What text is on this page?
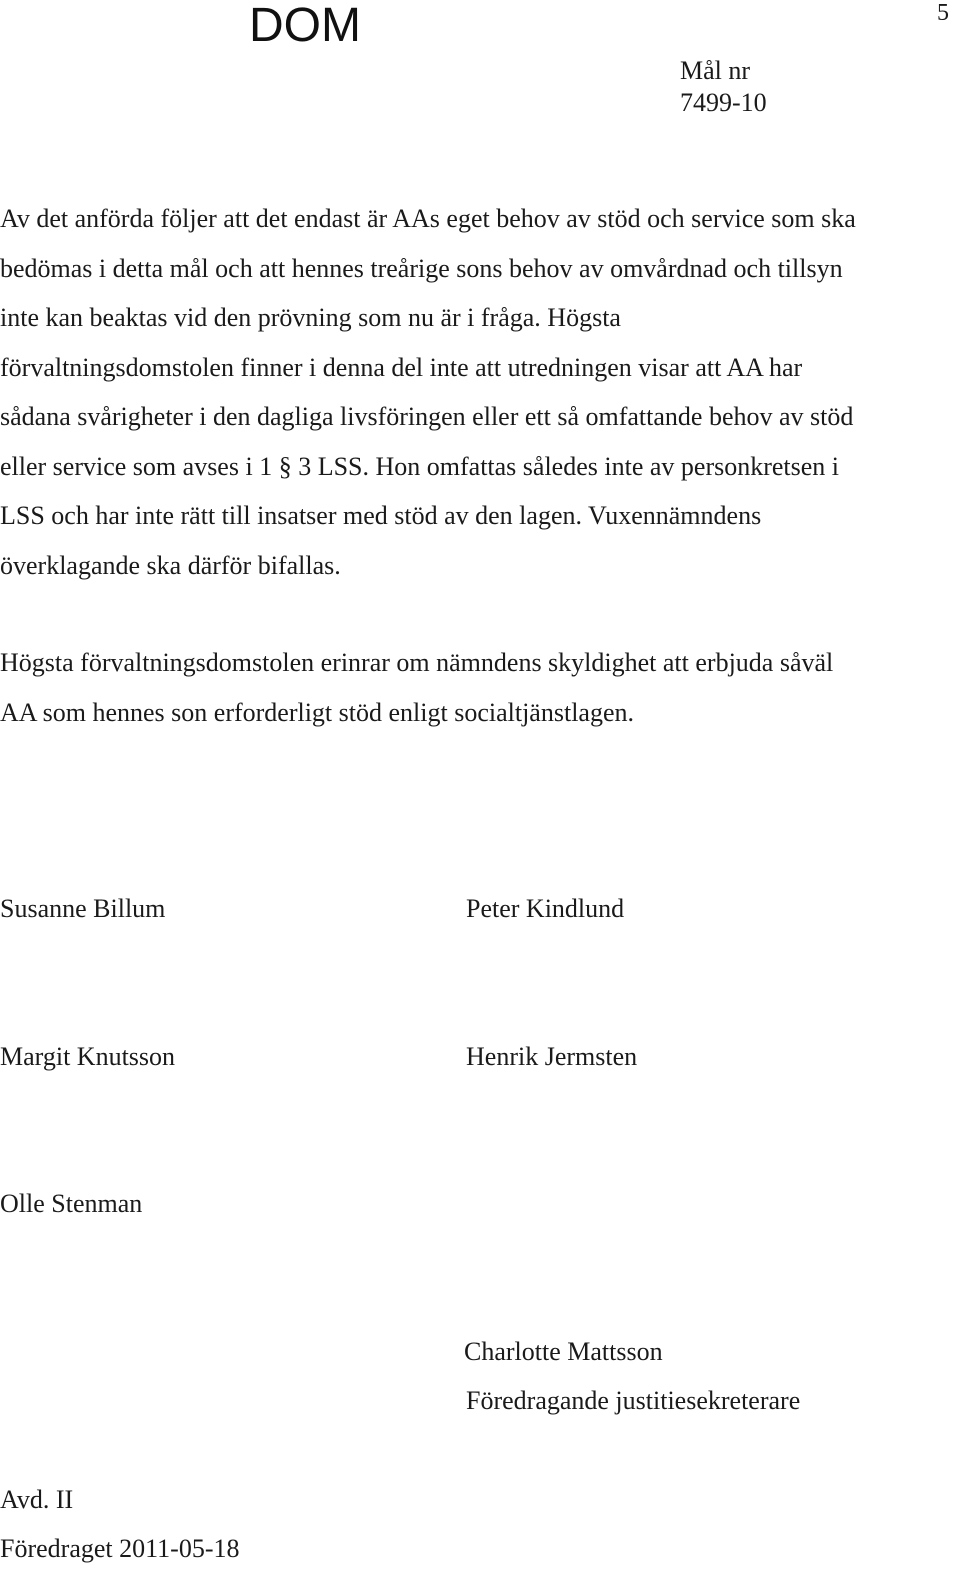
DOM	5
Mål nr
7499-10
Av det anförda följer att det endast är AAs eget behov av stöd och service som ska
bedömas i detta mål och att hennes treårige sons behov av omvårdnad och tillsyn
inte kan beaktas vid den prövning som nu är i fråga. Högsta
förvaltningsdomstolen finner i denna del inte att utredningen visar att AA har
sådana svårigheter i den dagliga livsföringen eller ett så omfattande behov av stöd
eller service som avses i 1 § 3 LSS. Hon omfattas således inte av personkretsen i
LSS och har inte rätt till insatser med stöd av den lagen. Vuxennämndens
överklagande ska därför bifallas.
Högsta förvaltningsdomstolen erinrar om nämndens skyldighet att erbjuda såväl
AA som hennes son erforderligt stöd enligt socialtjänstlagen.
Susanne Billum	Peter Kindlund
Margit Knutsson	Henrik Jermsten
Olle Stenman
Charlotte Mattsson
Föredragande justitiesekreterare
Avd. II
Föredraget 2011-05-18
